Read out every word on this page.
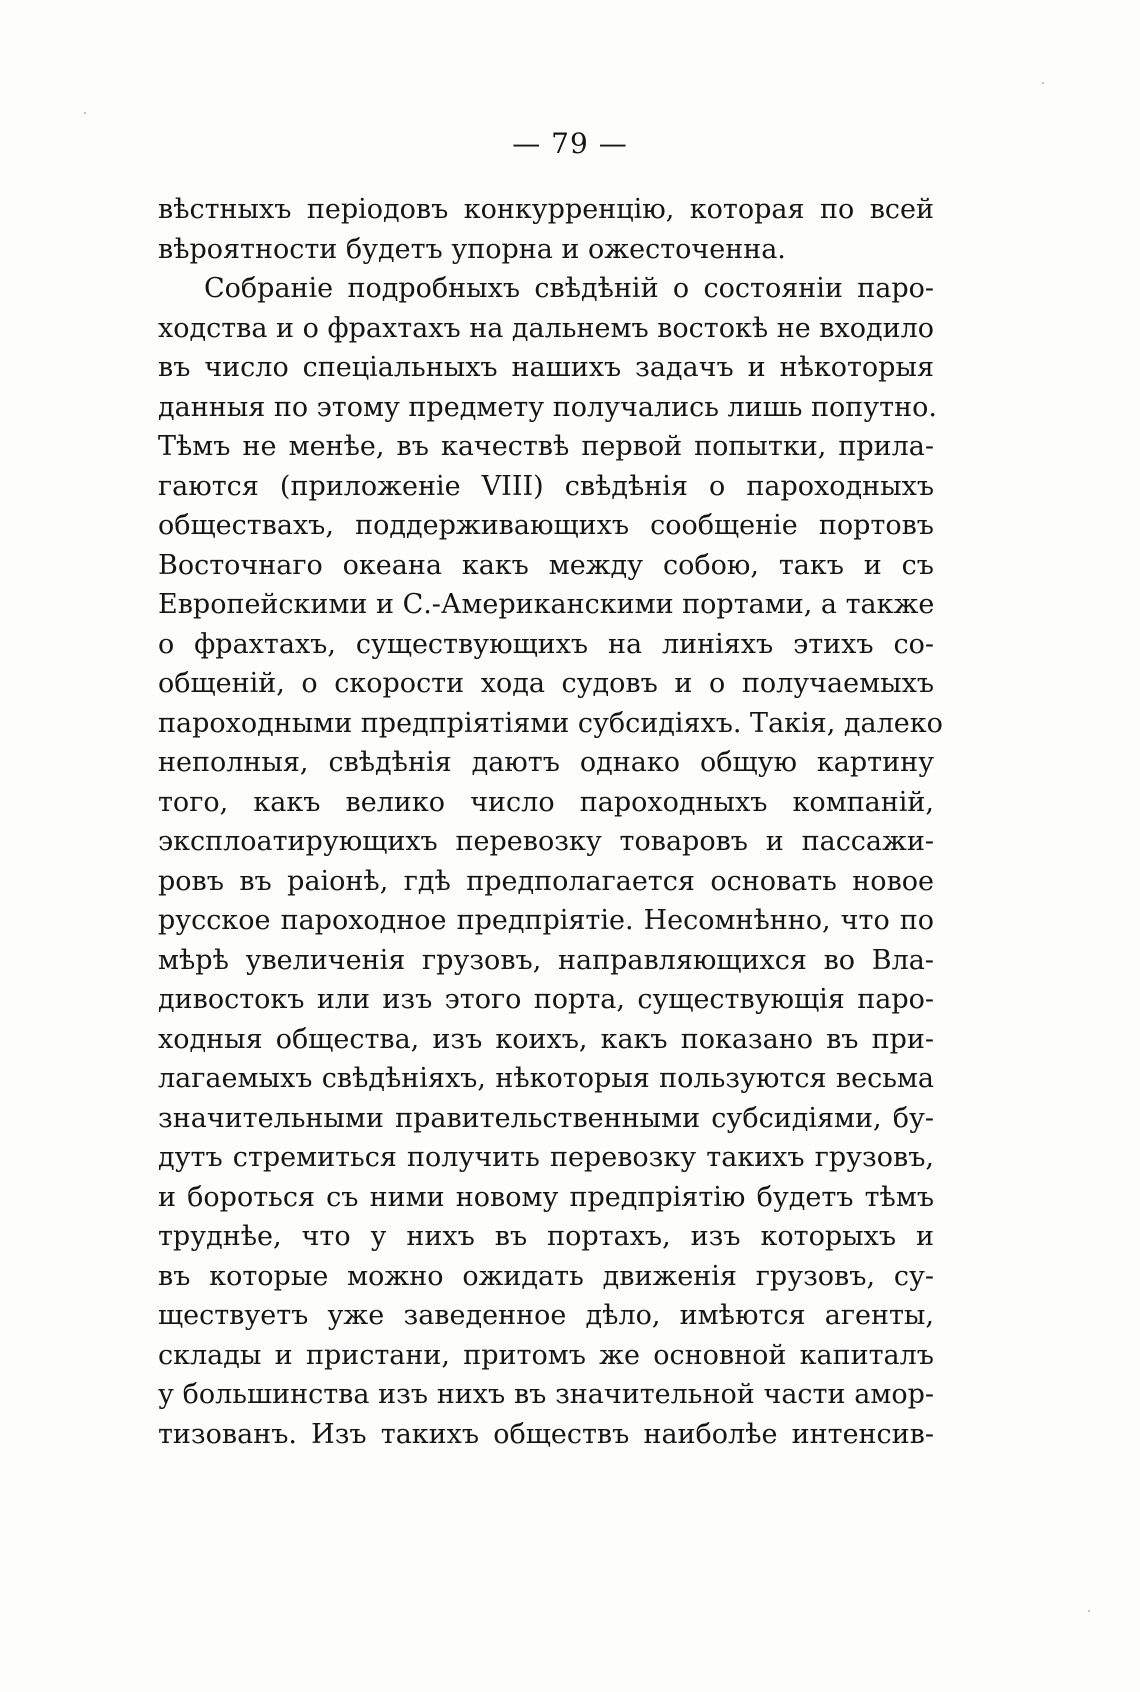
— 79 —
вѣстныхъ періодовъ конкурренцію, которая по всей
вѣроятности будетъ упорна и ожесточенна.
Собраніе подробныхъ свѣдѣній о состояніи паро-
ходства и о фрахтахъ на дальнемъ востокѣ не входило
въ число спеціальныхъ нашихъ задачъ и нѣкоторыя
данныя по этому предмету получались лишь попутно.
Тѣмъ не менѣе, въ качествѣ первой попытки, прила-
гаются (приложеніе VIII) свѣдѣнія о пароходныхъ
обществахъ, поддерживающихъ сообщеніе портовъ
Восточнаго океана какъ между собою, такъ и съ
Европейскими и С.-Американскими портами, а также
о фрахтахъ, существующихъ на линіяхъ этихъ со-
общеній, о скорости хода судовъ и о получаемыхъ
пароходными предпріятіями субсидіяхъ. Такія, далеко
неполныя, свѣдѣнія даютъ однако общую картину
того, какъ велико число пароходныхъ компаній,
эксплоатирующихъ перевозку товаровъ и пассажи-
ровъ въ раіонѣ, гдѣ предполагается основать новое
русское пароходное предпріятіе. Несомнѣнно, что по
мѣрѣ увеличенія грузовъ, направляющихся во Вла-
дивостокъ или изъ этого порта, существующія паро-
ходныя общества, изъ коихъ, какъ показано въ при-
лагаемыхъ свѣдѣніяхъ, нѣкоторыя пользуются весьма
значительными правительственными субсидіями, бу-
дутъ стремиться получить перевозку такихъ грузовъ,
и бороться съ ними новому предпріятію будетъ тѣмъ
труднѣе, что у нихъ въ портахъ, изъ которыхъ и
въ которые можно ожидать движенія грузовъ, су-
ществуетъ уже заведенное дѣло, имѣются агенты,
склады и пристани, притомъ же основной капиталъ
у большинства изъ нихъ въ значительной части амор-
тизованъ. Изъ такихъ обществъ наиболѣе интенсив-
